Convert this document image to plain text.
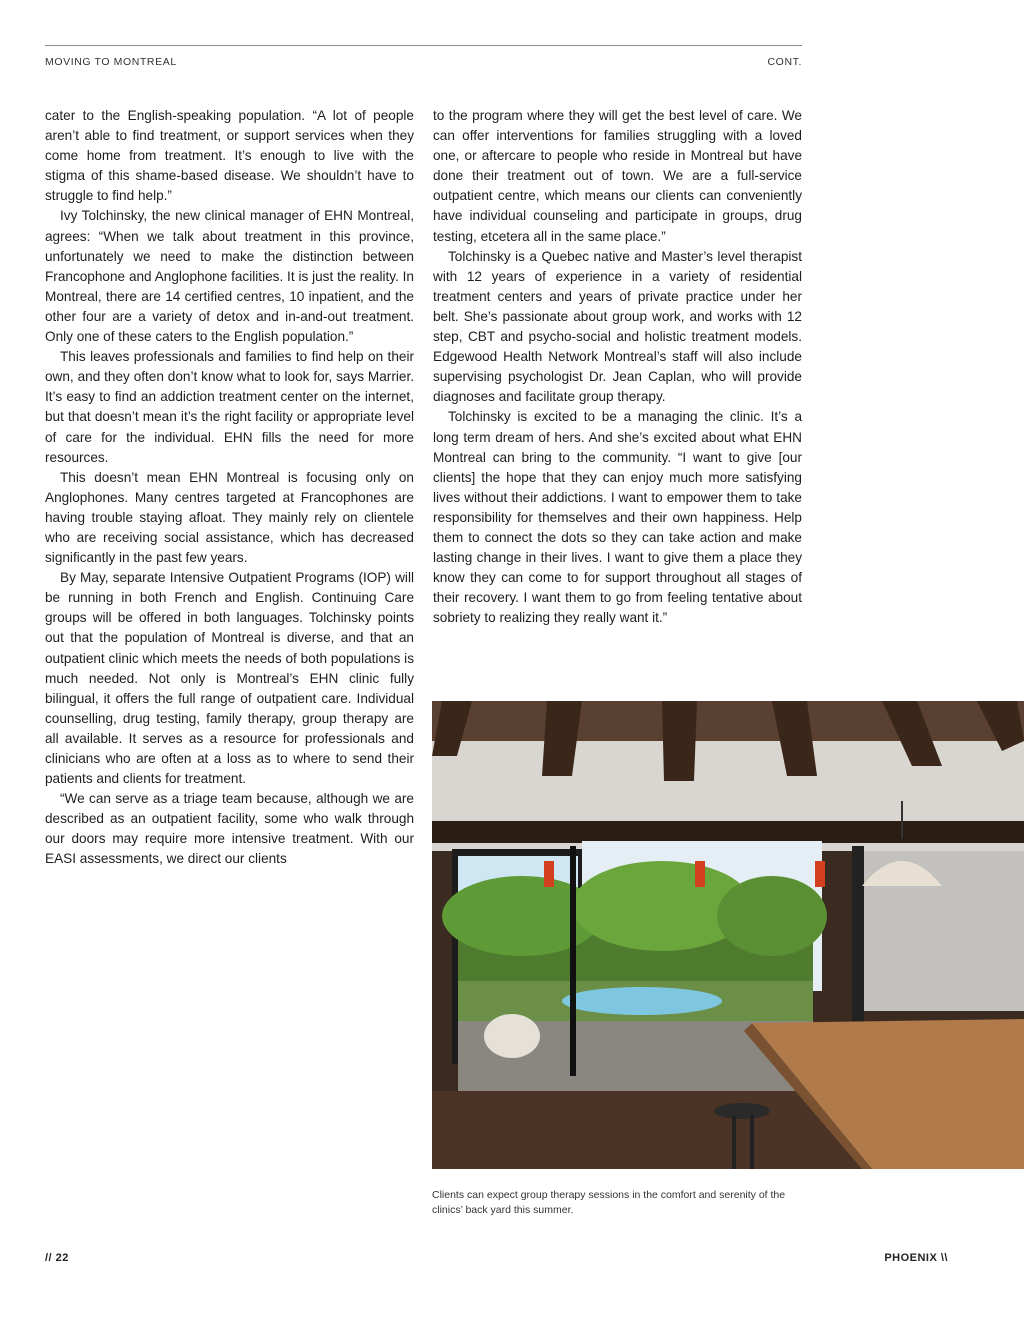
MOVING TO MONTREAL	CONT.

cater to the English-speaking population. “A lot of people aren’t able to find treatment, or support services when they come home from treatment. It’s enough to live with the stigma of this shame-based disease. We shouldn’t have to struggle to find help.”

Ivy Tolchinsky, the new clinical manager of EHN Montreal, agrees: “When we talk about treatment in this province, unfortunately we need to make the distinction between Francophone and Anglophone facilities. It is just the reality. In Montreal, there are 14 certified centres, 10 inpatient, and the other four are a variety of detox and in-and-out treatment. Only one of these caters to the English population.”

This leaves professionals and families to find help on their own, and they often don’t know what to look for, says Marrier. It’s easy to find an addiction treatment center on the internet, but that doesn’t mean it’s the right facility or appropriate level of care for the individual. EHN fills the need for more resources.

This doesn’t mean EHN Montreal is focusing only on Anglophones. Many centres targeted at Francophones are having trouble staying afloat. They mainly rely on clientele who are receiving social assistance, which has decreased significantly in the past few years.

By May, separate Intensive Outpatient Programs (IOP) will be running in both French and English. Continuing Care groups will be offered in both languages. Tolchinsky points out that the population of Montreal is diverse, and that an outpatient clinic which meets the needs of both populations is much needed. Not only is Montreal’s EHN clinic fully bilingual, it offers the full range of outpatient care. Individual counselling, drug testing, family therapy, group therapy are all available. It serves as a resource for professionals and clinicians who are often at a loss as to where to send their patients and clients for treatment.

“We can serve as a triage team because, although we are described as an outpatient facility, some who walk through our doors may require more intensive treatment. With our EASI assessments, we direct our clients

to the program where they will get the best level of care. We can offer interventions for families struggling with a loved one, or aftercare to people who reside in Montreal but have done their treatment out of town. We are a full-service outpatient centre, which means our clients can conveniently have individual counseling and participate in groups, drug testing, etcetera all in the same place.”

Tolchinsky is a Quebec native and Master’s level therapist with 12 years of experience in a variety of residential treatment centers and years of private practice under her belt. She’s passionate about group work, and works with 12 step, CBT and psycho-social and holistic treatment models. Edgewood Health Network Montreal’s staff will also include supervising psychologist Dr. Jean Caplan, who will provide diagnoses and facilitate group therapy.

Tolchinsky is excited to be a managing the clinic. It’s a long term dream of hers. And she’s excited about what EHN Montreal can bring to the community. “I want to give [our clients] the hope that they can enjoy much more satisfying lives without their addictions. I want to empower them to take responsibility for themselves and their own happiness. Help them to connect the dots so they can take action and make lasting change in their lives. I want to give them a place they know they can come to for support throughout all stages of their recovery. I want them to go from feeling tentative about sobriety to realizing they really want it.”

Clients can expect group therapy sessions in the comfort and serenity of the clinics’ back yard this summer.
// 22	PHOENIX \\
